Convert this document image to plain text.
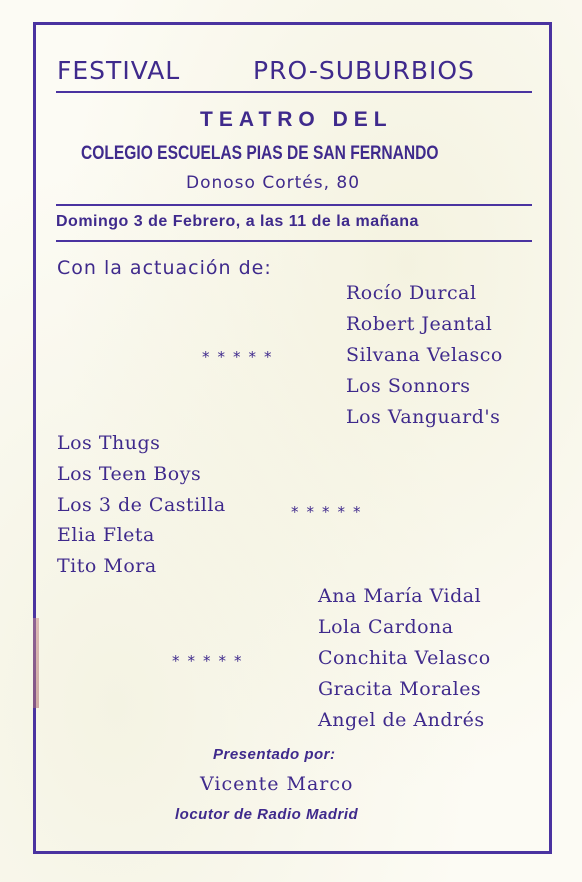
FESTIVAL	PRO-SUBURBIOS
TEATRO DEL
COLEGIO ESCUELAS PIAS DE SAN FERNANDO
Donoso Cortés, 80
Domingo 3 de Febrero, a las 11 de la mañana
Con la actuación de:
Rocío Durcal
Robert Jeantal
*****	Silvana Velasco
Los Sonnors
Los Vanguard's
Los Thugs
Los Teen Boys
Los 3 de Castilla	*****
Elia Fleta
Tito Mora
Ana María Vidal
Lola Cardona
*****	Conchita Velasco
Gracita Morales
Angel de Andrés
Presentado por:
Vicente Marco
locutor de Radio Madrid
